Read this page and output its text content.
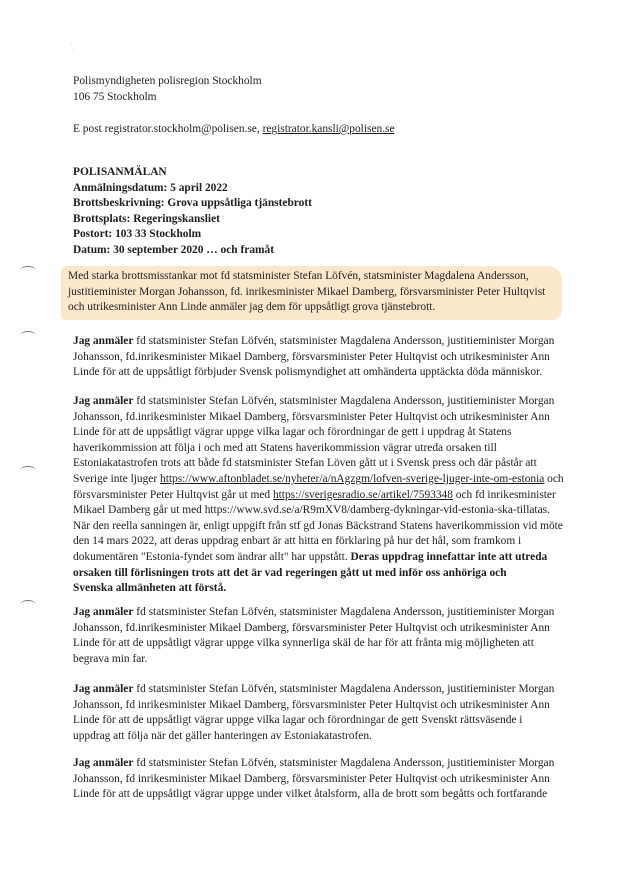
˙ˌ
Polismyndigheten polisregion Stockholm
106 75 Stockholm
E post registrator.stockholm@polisen.se, registrator.kansli@polisen.se
POLISANMÄLAN
Anmälningsdatum: 5 april 2022
Brottsbeskrivning: Grova uppsåtliga tjänstebrott
Brottsplats: Regeringskansliet
Postort: 103 33 Stockholm
Datum: 30 september 2020 … och framåt
Med starka brottsmisstankar mot fd statsminister Stefan Löfvén, statsminister Magdalena Andersson,
justitieminister Morgan Johansson, fd. inrikesminister Mikael Damberg, försvarsminister Peter Hultqvist
och utrikesminister Ann Linde anmäler jag dem för uppsåtligt grova tjänstebrott.
Jag anmäler fd statsminister Stefan Löfvén, statsminister Magdalena Andersson, justitieminister Morgan
Johansson, fd.inrikesminister Mikael Damberg, försvarsminister Peter Hultqvist och utrikesminister Ann
Linde för att de uppsåtligt förbjuder Svensk polismyndighet att omhänderta upptäckta döda människor.
Jag anmäler fd statsminister Stefan Löfvén, statsminister Magdalena Andersson, justitieminister Morgan
Johansson, fd.inrikesminister Mikael Damberg, försvarsminister Peter Hultqvist och utrikesminister Ann
Linde för att de uppsåtligt vägrar uppge vilka lagar och förordningar de gett i uppdrag åt Statens
haverikommission att följa i och med att Statens haverikommission vägrar utreda orsaken till
Estoniakatastrofen trots att både fd statsminister Stefan Löven gått ut i Svensk press och där påstår att
Sverige inte ljuger https://www.aftonbladet.se/nyheter/a/nAgzgm/lofven-sverige-ljuger-inte-om-estonia och
försvarsminister Peter Hultqvist går ut med https://sverigesradio.se/artikel/7593348 och fd inrikesminister
Mikael Damberg går ut med https://www.svd.se/a/R9mXV8/damberg-dykningar-vid-estonia-ska-tillatas.
När den reella sanningen är, enligt uppgift från stf gd Jonas Bäckstrand Statens haverikommission vid möte
den 14 mars 2022, att deras uppdrag enbart är att hitta en förklaring på hur det hål, som framkom i
dokumentären "Estonia-fyndet som ändrar allt" har uppstått. Deras uppdrag innefattar inte att utreda
orsaken till förlisningen trots att det är vad regeringen gått ut med inför oss anhöriga och
Svenska allmänheten att förstå.
Jag anmäler fd statsminister Stefan Löfvén, statsminister Magdalena Andersson, justitieminister Morgan
Johansson, fd.inrikesminister Mikael Damberg, försvarsminister Peter Hultqvist och utrikesminister Ann
Linde för att de uppsåtligt vägrar uppge vilka synnerliga skäl de har för att frånta mig möjligheten att
begrava min far.
Jag anmäler fd statsminister Stefan Löfvén, statsminister Magdalena Andersson, justitieminister Morgan
Johansson, fd inrikesminister Mikael Damberg, försvarsminister Peter Hultqvist och utrikesminister Ann
Linde för att de uppsåtligt vägrar uppge vilka lagar och förordningar de gett Svenskt rättsväsende i
uppdrag att följa när det gäller hanteringen av Estoniakatastrofen.
Jag anmäler fd statsminister Stefan Löfvén, statsminister Magdalena Andersson, justitieminister Morgan
Johansson, fd inrikesminister Mikael Damberg, försvarsminister Peter Hultqvist och utrikesminister Ann
Linde för att de uppsåtligt vägrar uppge under vilket åtalsform, alla de brott som begåtts och fortfarande
